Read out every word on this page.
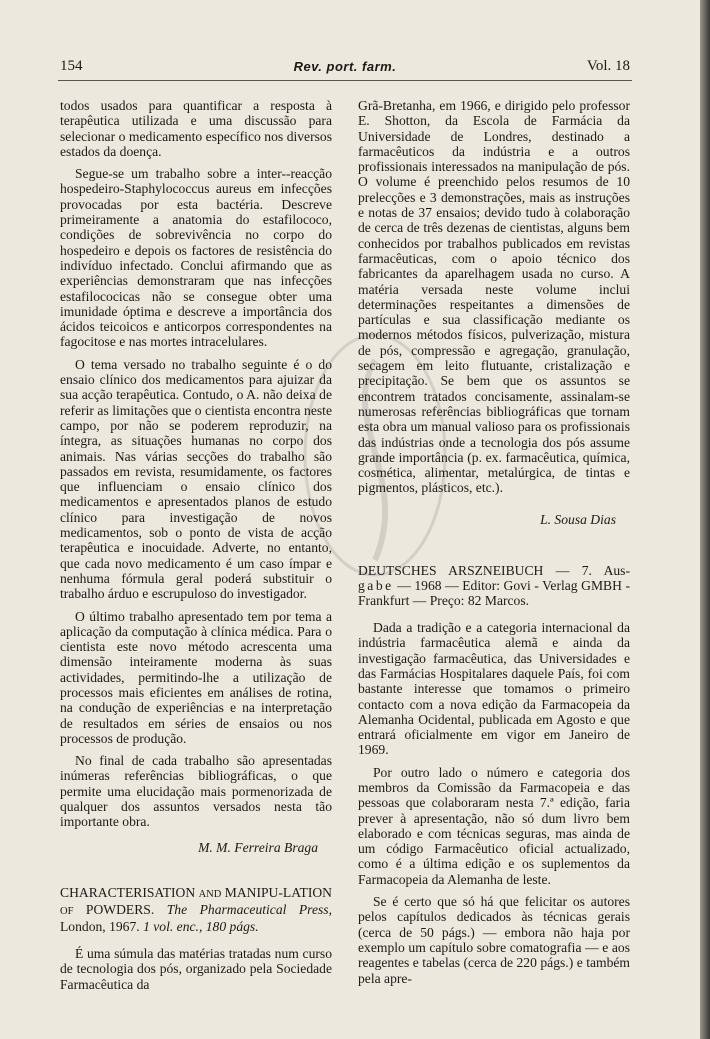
154	Rev. port. farm.	Vol. 18

todos usados para quantificar a resposta à terapêutica utilizada e uma discussão para selecionar o medicamento específico nos diversos estados da doença.

Segue-se um trabalho sobre a inter--reacção hospedeiro-Staphylococcus aureus em infecções provocadas por esta bactéria. Descreve primeiramente a anatomia do estafilococo, condições de sobrevivência no corpo do hospedeiro e depois os factores de resistência do indivíduo infectado. Conclui afirmando que as experiências demonstraram que nas infecções estafilococicas não se consegue obter uma imunidade óptima e descreve a importância dos ácidos teicoicos e anticorpos correspondentes na fagocitose e nas mortes intracelulares.

O tema versado no trabalho seguinte é o do ensaio clínico dos medicamentos para ajuizar da sua acção terapêutica. Contudo, o A. não deixa de referir as limitações que o cientista encontra neste campo, por não se poderem reproduzir, na íntegra, as situações humanas no corpo dos animais. Nas várias secções do trabalho são passados em revista, resumidamente, os factores que influenciam o ensaio clínico dos medicamentos e apresentados planos de estudo clínico para investigação de novos medicamentos, sob o ponto de vista de acção terapêutica e inocuidade. Adverte, no entanto, que cada novo medicamento é um caso ímpar e nenhuma fórmula geral poderá substituir o trabalho árduo e escrupuloso do investigador.

O último trabalho apresentado tem por tema a aplicação da computação à clínica médica. Para o cientista este novo método acrescenta uma dimensão inteiramente moderna às suas actividades, permitindo-lhe a utilização de processos mais eficientes em análises de rotina, na condução de experiências e na interpretação de resultados em séries de ensaios ou nos processos de produção.

No final de cada trabalho são apresentadas inúmeras referências bibliográficas, o que permite uma elucidação mais pormenorizada de qualquer dos assuntos versados nesta tão importante obra.

M. M. Ferreira Braga
CHARACTERISATION AND MANIPU-LATION OF POWDERS. The Pharmaceutical Press, London, 1967. 1 vol. enc., 180 págs.

É uma súmula das matérias tratadas num curso de tecnologia dos pós, organizado pela Sociedade Farmacêutica da

Grã-Bretanha, em 1966, e dirigido pelo professor E. Shotton, da Escola de Farmácia da Universidade de Londres, destinado a farmacêuticos da indústria e a outros profissionais interessados na manipulação de pós. O volume é preenchido pelos resumos de 10 prelecções e 3 demonstrações, mais as instruções e notas de 37 ensaios; devido tudo à colaboração de cerca de três dezenas de cientistas, alguns bem conhecidos por trabalhos publicados em revistas farmacêuticas, com o apoio técnico dos fabricantes da aparelhagem usada no curso. A matéria versada neste volume inclui determinações respeitantes a dimensões de partículas e sua classificação mediante os modernos métodos físicos, pulverização, mistura de pós, compressão e agregação, granulação, secagem em leito flutuante, cristalização e precipitação. Se bem que os assuntos se encontrem tratados concisamente, assinalam-se numerosas referências bibliográficas que tornam esta obra um manual valioso para os profissionais das indústrias onde a tecnologia dos pós assume grande importância (p. ex. farmacêutica, química, cosmética, alimentar, metalúrgica, de tintas e pigmentos, plásticos, etc.).

L. Sousa Dias
DEUTSCHES ARSZNEIBUCH — 7. Aus- gabe — 1968 — Editor: Govi - Verlag GMBH - Frankfurt — Preço: 82 Marcos.

Dada a tradição e a categoria internacional da indústria farmacêutica alemã e ainda da investigação farmacêutica, das Universidades e das Farmácias Hospitalares daquele País, foi com bastante interesse que tomamos o primeiro contacto com a nova edição da Farmacopeia da Alemanha Ocidental, publicada em Agosto e que entrará oficialmente em vigor em Janeiro de 1969.

Por outro lado o número e categoria dos membros da Comissão da Farmacopeia e das pessoas que colaboraram nesta 7.ª edição, faria prever à apresentação, não só dum livro bem elaborado e com técnicas seguras, mas ainda de um código Farmacêutico oficial actualizado, como é a última edição e os suplementos da Farmacopeia da Alemanha de leste.

Se é certo que só há que felicitar os autores pelos capítulos dedicados às técnicas gerais (cerca de 50 págs.) — embora não haja por exemplo um capítulo sobre comatografia — e aos reagentes e tabelas (cerca de 220 págs.) e também pela apre-
